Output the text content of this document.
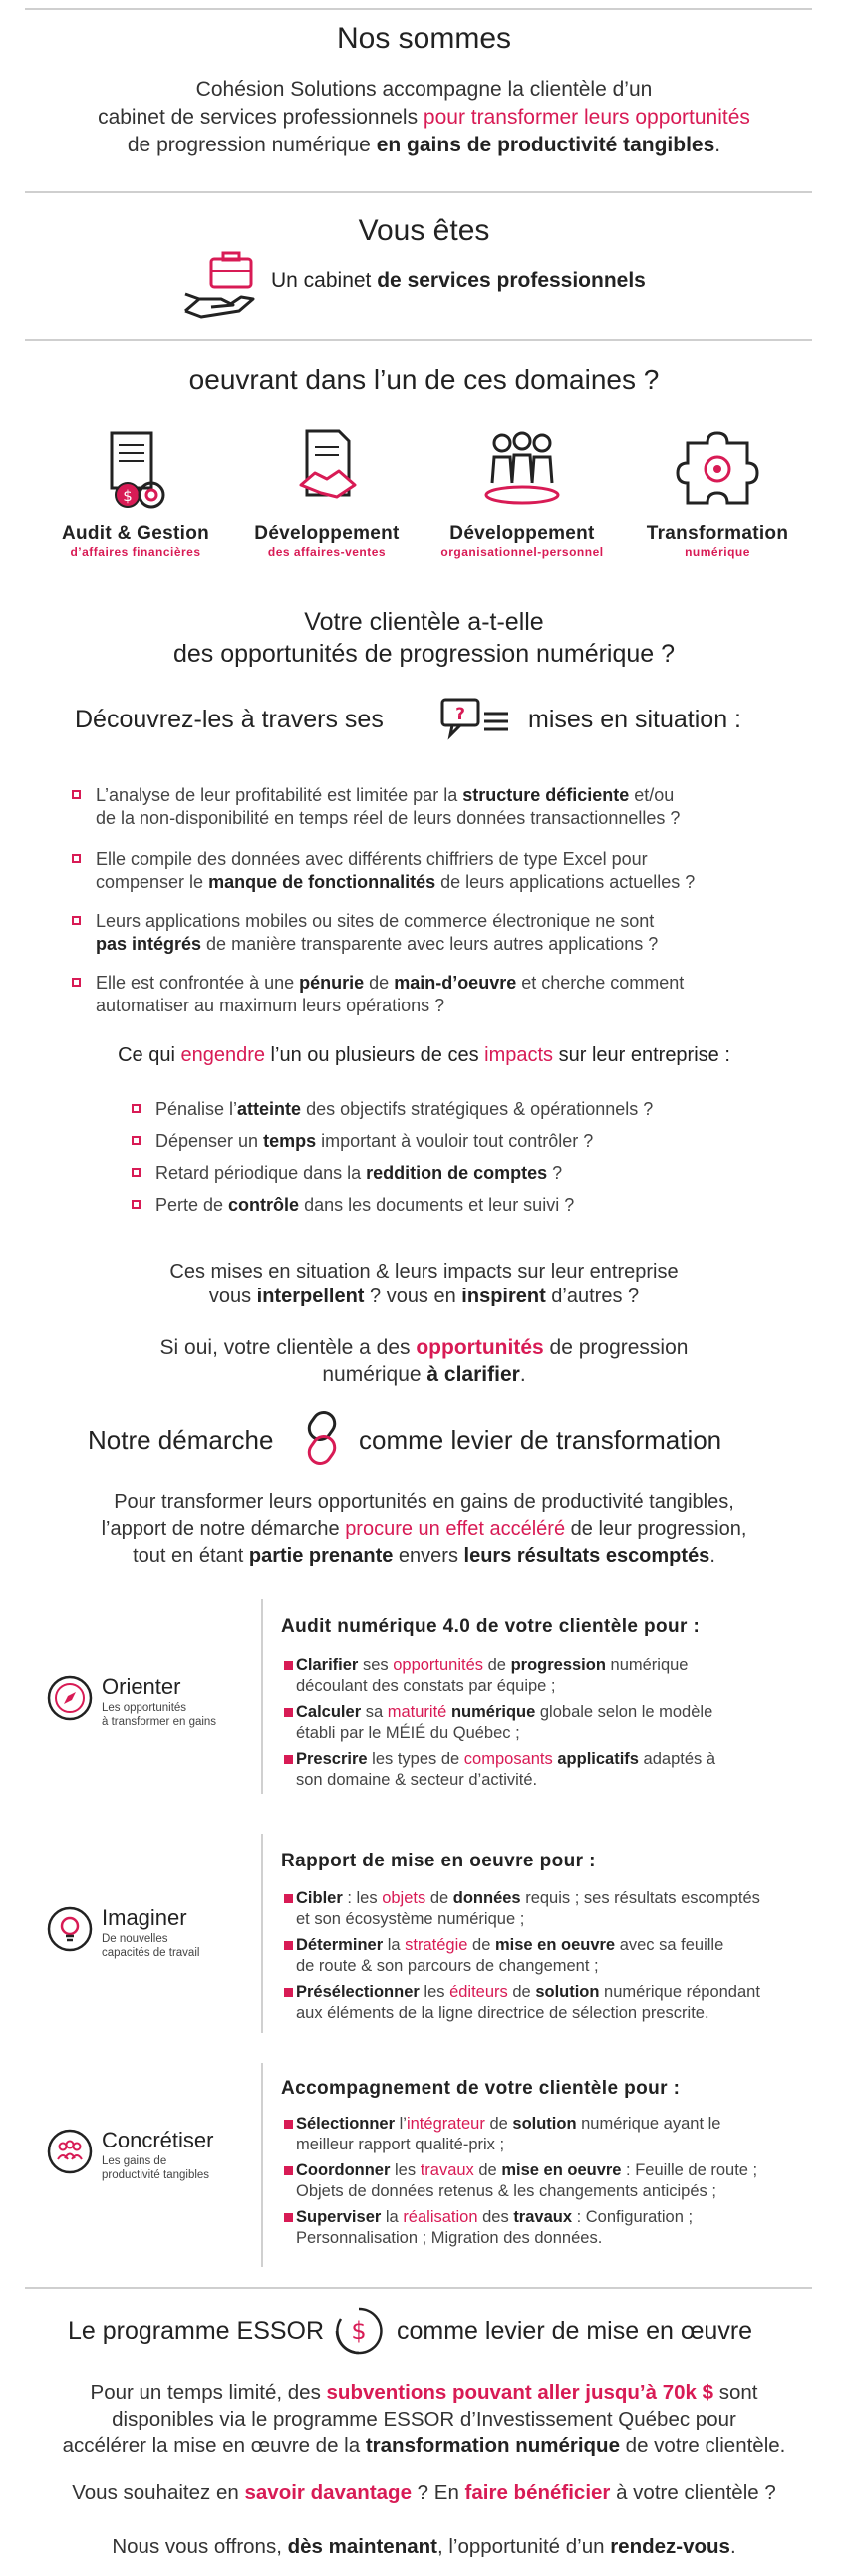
Nos sommes
Cohésion Solutions accompagne la clientèle d’un
cabinet de services professionnels pour transformer leurs opportunités
de progression numérique en gains de productivité tangibles.
Vous êtes
Un cabinet de services professionnels
oeuvrant dans l’un de ces domaines ?
$
Audit & Gestion
d’affaires financières
Développement
des affaires-ventes
Développement
organisationnel-personnel
Transformation
numérique
Votre clientèle a-t-elle
des opportunités de progression numérique ?
Découvrez-les à travers ses	?	mises en situation :
L’analyse de leur profitabilité est limitée par la structure déficiente et/ou
de la non-disponibilité en temps réel de leurs données transactionnelles ?
Elle compile des données avec différents chiffriers de type Excel pour
compenser le manque de fonctionnalités de leurs applications actuelles ?
Leurs applications mobiles ou sites de commerce électronique ne sont
pas intégrés de manière transparente avec leurs autres applications ?
Elle est confrontée à une pénurie de main-d’oeuvre et cherche comment
automatiser au maximum leurs opérations ?
Ce qui engendre l’un ou plusieurs de ces impacts sur leur entreprise :
Pénalise l’atteinte des objectifs stratégiques & opérationnels ?
Dépenser un temps important à vouloir tout contrôler ?
Retard périodique dans la reddition de comptes ?
Perte de contrôle dans les documents et leur suivi ?
Ces mises en situation & leurs impacts sur leur entreprise
vous interpellent ? vous en inspirent d’autres ?
Si oui, votre clientèle a des opportunités de progression
numérique à clarifier.
Notre démarche	comme levier de transformation
Pour transformer leurs opportunités en gains de productivité tangibles,
l’apport de notre démarche procure un effet accéléré de leur progression,
tout en étant partie prenante envers leurs résultats escomptés.
Orienter
Les opportunités
à transformer en gains
Audit numérique 4.0 de votre clientèle pour :
Clarifier ses opportunités de progression numérique
découlant des constats par équipe ;
Calculer sa maturité numérique globale selon le modèle
établi par le MÉIÉ du Québec ;
Prescrire les types de composants applicatifs adaptés à
son domaine & secteur d’activité.
Imaginer
De nouvelles
capacités de travail
Rapport de mise en oeuvre pour :
Cibler : les objets de données requis ; ses résultats escomptés
et son écosystème numérique ;
Déterminer la stratégie de mise en oeuvre avec sa feuille
de route & son parcours de changement ;
Présélectionner les éditeurs de solution numérique répondant
aux éléments de la ligne directrice de sélection prescrite.
Concrétiser
Les gains de
productivité tangibles
Accompagnement de votre clientèle pour :
Sélectionner l’intégrateur de solution numérique ayant le
meilleur rapport qualité-prix ;
Coordonner les travaux de mise en oeuvre : Feuille de route ;
Objets de données retenus & les changements anticipés ;
Superviser la réalisation des travaux : Configuration ;
Personnalisation ; Migration des données.
Le programme ESSOR $ comme levier de mise en œuvre
Pour un temps limité, des subventions pouvant aller jusqu’à 70k $ sont
disponibles via le programme ESSOR d’Investissement Québec pour
accélérer la mise en œuvre de la transformation numérique de votre clientèle.
Vous souhaitez en savoir davantage ? En faire bénéficier à votre clientèle ?
Nous vous offrons, dès maintenant, l’opportunité d’un rendez-vous.
